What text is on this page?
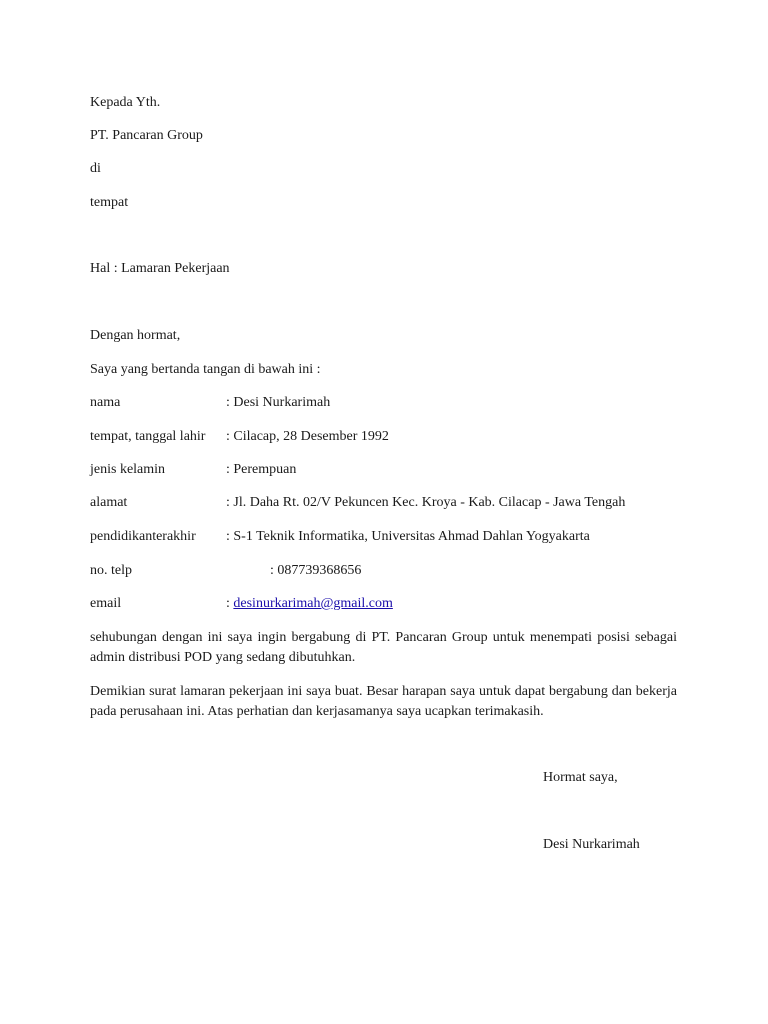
Kepada Yth.
PT. Pancaran Group
di
tempat
Hal : Lamaran Pekerjaan
Dengan hormat,
Saya yang bertanda tangan di bawah ini :
nama	: Desi Nurkarimah
tempat, tanggal lahir : Cilacap, 28 Desember 1992
jenis kelamin	: Perempuan
alamat	: Jl. Daha Rt. 02/V Pekuncen Kec. Kroya - Kab. Cilacap - Jawa Tengah
pendidikanterakhir : S-1 Teknik Informatika, Universitas Ahmad Dahlan Yogyakarta
no. telp	: 087739368656
email	: desinurkarimah@gmail.com
sehubungan dengan ini saya ingin bergabung di PT. Pancaran Group untuk menempati posisi sebagai admin distribusi POD yang sedang dibutuhkan.
Demikian surat lamaran pekerjaan ini saya buat. Besar harapan saya untuk dapat bergabung dan bekerja pada perusahaan ini. Atas perhatian dan kerjasamanya saya ucapkan terimakasih.
Hormat saya,
Desi Nurkarimah
